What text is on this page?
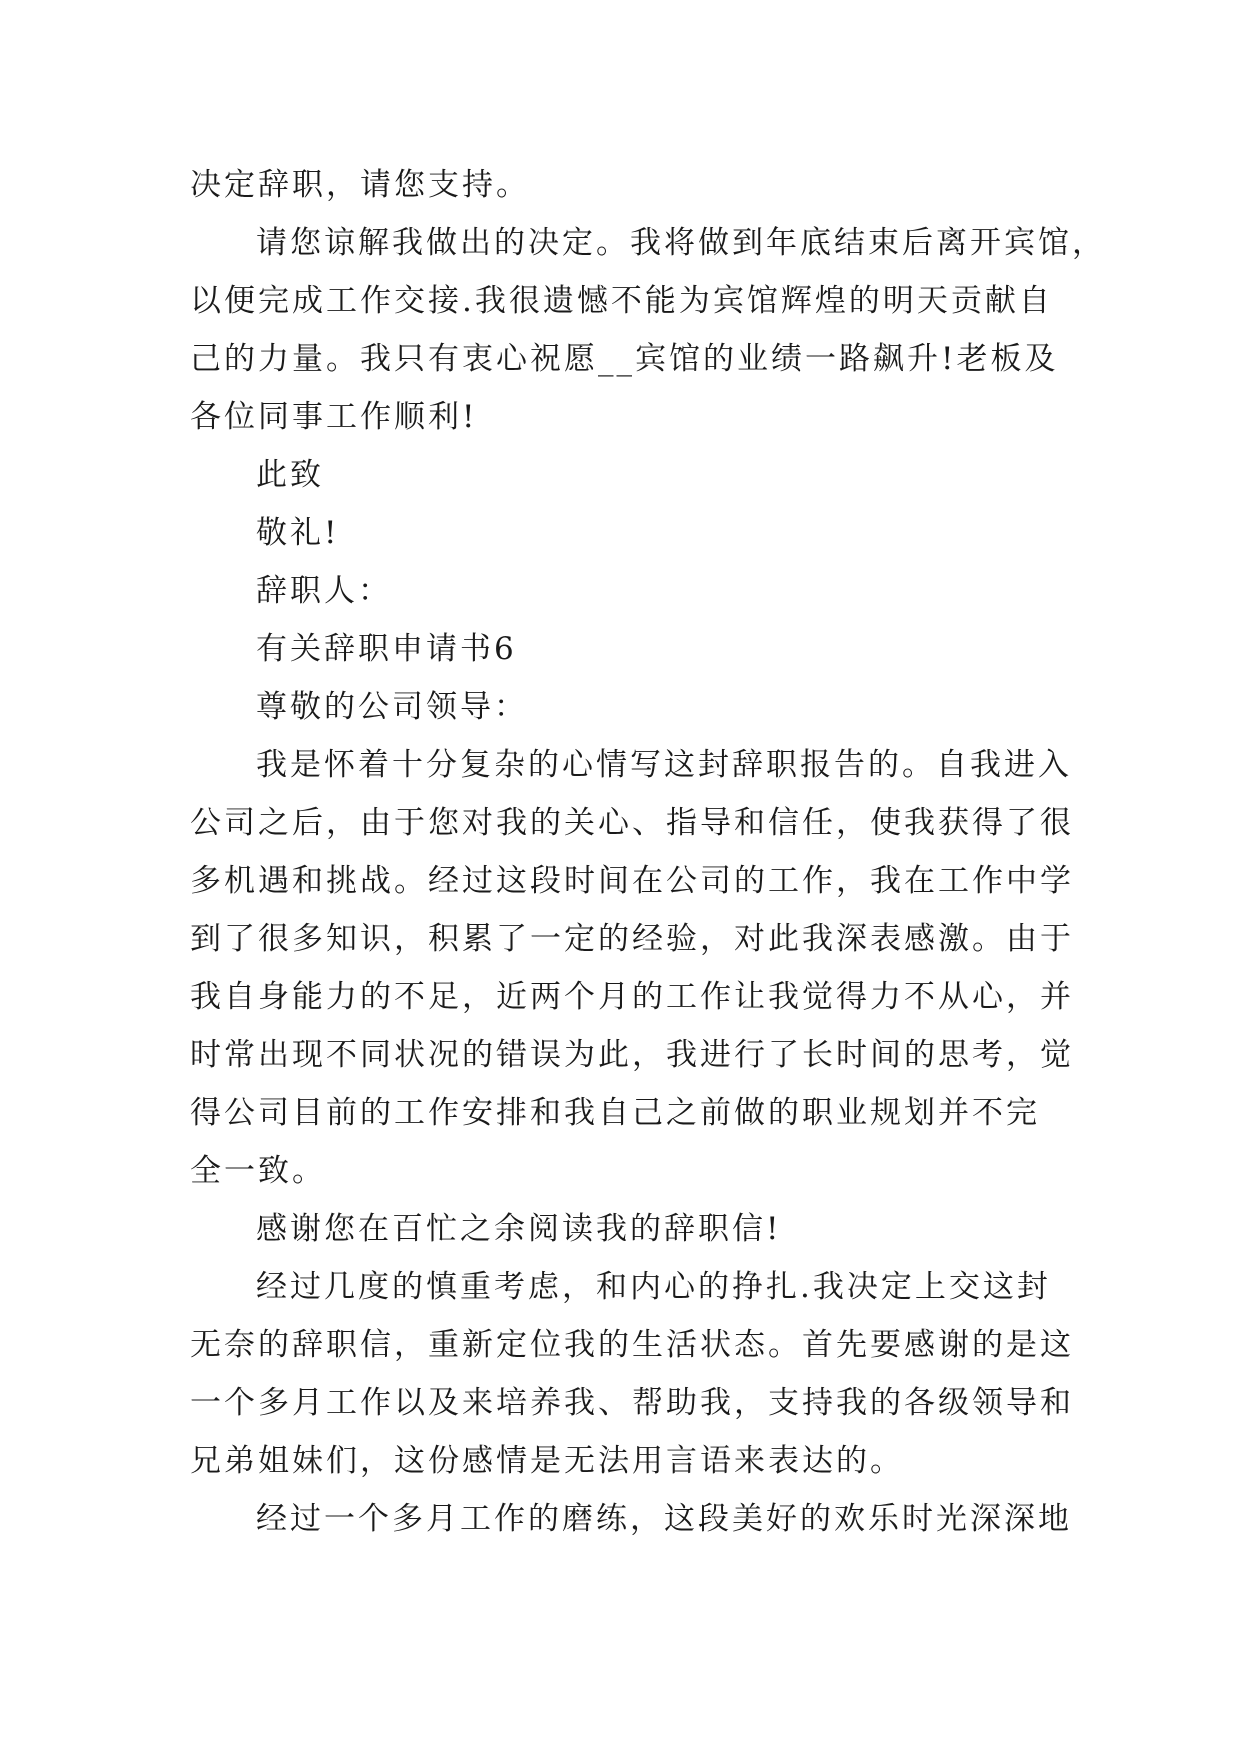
决定辞职，请您支持。
请您谅解我做出的决定。我将做到年底结束后离开宾馆，
以便完成工作交接.我很遗憾不能为宾馆辉煌的明天贡献自
己的力量。我只有衷心祝愿__宾馆的业绩一路飙升!老板及
各位同事工作顺利!
此致
敬礼!
辞职人：
有关辞职申请书6
尊敬的公司领导：
我是怀着十分复杂的心情写这封辞职报告的。自我进入
公司之后，由于您对我的关心、指导和信任，使我获得了很
多机遇和挑战。经过这段时间在公司的工作，我在工作中学
到了很多知识，积累了一定的经验，对此我深表感激。由于
我自身能力的不足，近两个月的工作让我觉得力不从心，并
时常出现不同状况的错误为此，我进行了长时间的思考，觉
得公司目前的工作安排和我自己之前做的职业规划并不完
全一致。
感谢您在百忙之余阅读我的辞职信!
经过几度的慎重考虑，和内心的挣扎.我决定上交这封
无奈的辞职信，重新定位我的生活状态。首先要感谢的是这
一个多月工作以及来培养我、帮助我，支持我的各级领导和
兄弟姐妹们，这份感情是无法用言语来表达的。
经过一个多月工作的磨练，这段美好的欢乐时光深深地
